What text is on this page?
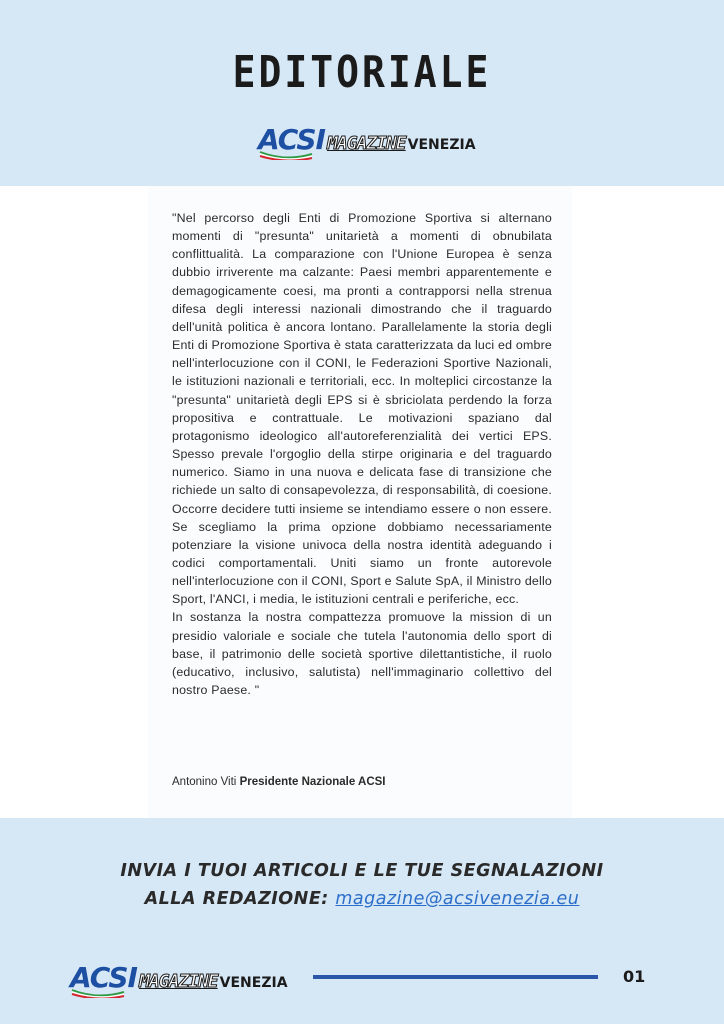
EDITORIALE
ACSI MAGAZINE VENEZIA

"Nel percorso degli Enti di Promozione Sportiva si alternano momenti di "presunta" unitarietà a momenti di obnubilata conflittualità. La comparazione con l'Unione Europea è senza dubbio irriverente ma calzante: Paesi membri apparentemente e demagogicamente coesi, ma pronti a contrapporsi nella strenua difesa degli interessi nazionali dimostrando che il traguardo dell'unità politica è ancora lontano. Parallelamente la storia degli Enti di Promozione Sportiva è stata caratterizzata da luci ed ombre nell'interlocuzione con il CONI, le Federazioni Sportive Nazionali, le istituzioni nazionali e territoriali, ecc. In molteplici circostanze la "presunta" unitarietà degli EPS si è sbriciolata perdendo la forza propositiva e contrattuale. Le motivazioni spaziano dal protagonismo ideologico all'autoreferenzialità dei vertici EPS. Spesso prevale l'orgoglio della stirpe originaria e del traguardo numerico. Siamo in una nuova e delicata fase di transizione che richiede un salto di consapevolezza, di responsabilità, di coesione. Occorre decidere tutti insieme se intendiamo essere o non essere. Se scegliamo la prima opzione dobbiamo necessariamente potenziare la visione univoca della nostra identità adeguando i codici comportamentali. Uniti siamo un fronte autorevole nell'interlocuzione con il CONI, Sport e Salute SpA, il Ministro dello Sport, l'ANCI, i media, le istituzioni centrali e periferiche, ecc.

In sostanza la nostra compattezza promuove la mission di un presidio valoriale e sociale che tutela l'autonomia dello sport di base, il patrimonio delle società sportive dilettantistiche, il ruolo (educativo, inclusivo, salutista) nell'immaginario collettivo del nostro Paese. "

Antonino Viti Presidente Nazionale ACSI
INVIA I TUOI ARTICOLI E LE TUE SEGNALAZIONI
ALLA REDAZIONE: magazine@acsivenezia.eu
ACSI MAGAZINE VENEZIA	01
